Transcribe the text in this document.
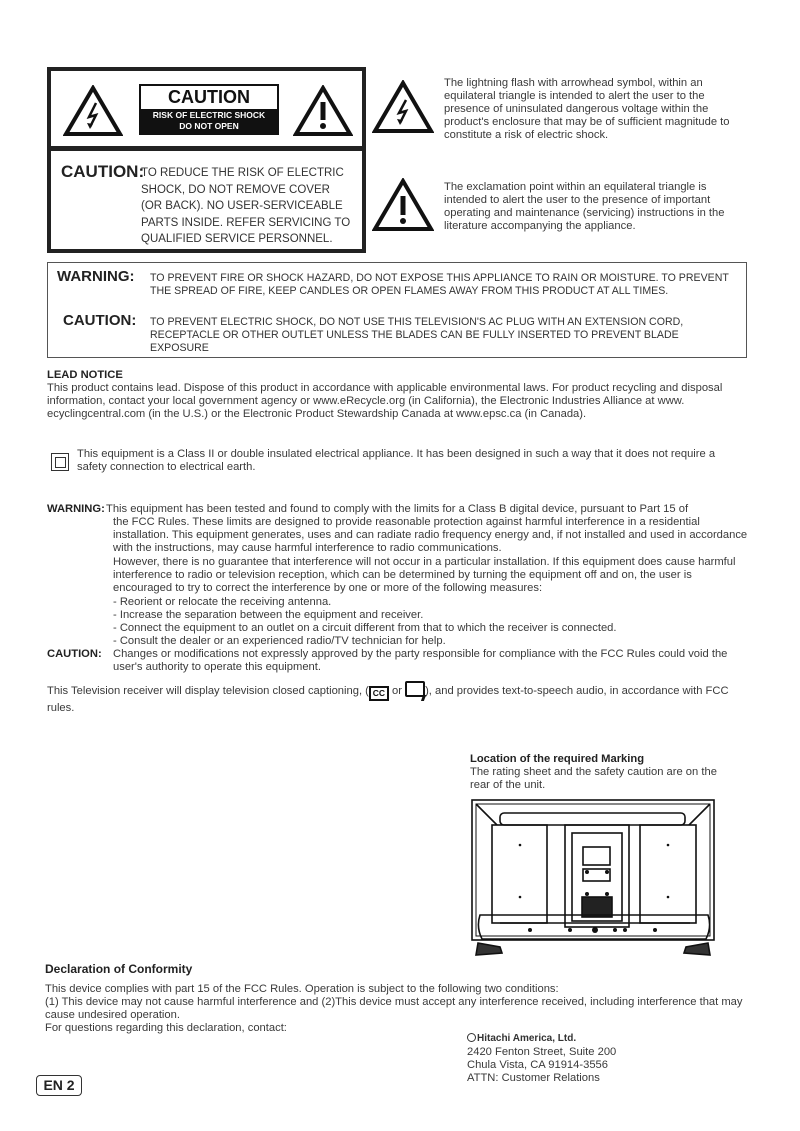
CAUTION
RISK OF ELECTRIC SHOCK
DO NOT OPEN
CAUTION:
TO REDUCE THE RISK OF ELECTRIC
SHOCK, DO NOT REMOVE COVER
(OR BACK). NO USER-SERVICEABLE
PARTS INSIDE. REFER SERVICING TO
QUALIFIED SERVICE PERSONNEL.
The lightning flash with arrowhead symbol, within an equilateral triangle is intended to alert the user to the presence of uninsulated dangerous voltage within the product's enclosure that may be of sufficient magnitude to constitute a risk of electric shock.
The exclamation point within an equilateral triangle is intended to alert the user to the presence of important operating and maintenance (servicing) instructions in the literature accompanying the appliance.
WARNING: TO PREVENT FIRE OR SHOCK HAZARD, DO NOT EXPOSE THIS APPLIANCE TO RAIN OR MOISTURE. TO PREVENT THE SPREAD OF FIRE, KEEP CANDLES OR OPEN FLAMES AWAY FROM THIS PRODUCT AT ALL TIMES.
CAUTION: TO PREVENT ELECTRIC SHOCK, DO NOT USE THIS TELEVISION'S AC PLUG WITH AN EXTENSION CORD, RECEPTACLE OR OTHER OUTLET UNLESS THE BLADES CAN BE FULLY INSERTED TO PREVENT BLADE EXPOSURE
LEAD NOTICE
This product contains lead. Dispose of this product in accordance with applicable environmental laws. For product recycling and disposal information, contact your local government agency or www.eRecycle.org (in California), the Electronic Industries Alliance at www. ecyclingcentral.com (in the U.S.) or the Electronic Product Stewardship Canada at www.epsc.ca (in Canada).
This equipment is a Class II or double insulated electrical appliance. It has been designed in such a way that it does not require a safety connection to electrical earth.
WARNING: This equipment has been tested and found to comply with the limits for a Class B digital device, pursuant to Part 15 of
the FCC Rules. These limits are designed to provide reasonable protection against harmful interference in a residential installation. This equipment generates, uses and can radiate radio frequency energy and, if not installed and used in accordance with the instructions, may cause harmful interference to radio communications.
However, there is no guarantee that interference will not occur in a particular installation. If this equipment does cause harmful interference to radio or television reception, which can be determined by turning the equipment off and on, the user is encouraged to try to correct the interference by one or more of the following measures:
- Reorient or relocate the receiving antenna.
- Increase the separation between the equipment and receiver.
- Connect the equipment to an outlet on a circuit different from that to which the receiver is connected.
- Consult the dealer or an experienced radio/TV technician for help.
CAUTION: Changes or modifications not expressly approved by the party responsible for compliance with the FCC Rules could void the user's authority to operate this equipment.
This Television receiver will display television closed captioning, ( CC or ), and provides text-to-speech audio, in accordance with FCC rules.
Location of the required Marking
The rating sheet and the safety caution are on the rear of the unit.
Declaration of Conformity
This device complies with part 15 of the FCC Rules. Operation is subject to the following two conditions:
(1) This device may not cause harmful interference and (2)This device must accept any interference received, including interference that may cause undesired operation.
For questions regarding this declaration, contact:
Hitachi America, Ltd.
2420 Fenton Street, Suite 200
Chula Vista, CA 91914-3556
ATTN: Customer Relations
EN 2
